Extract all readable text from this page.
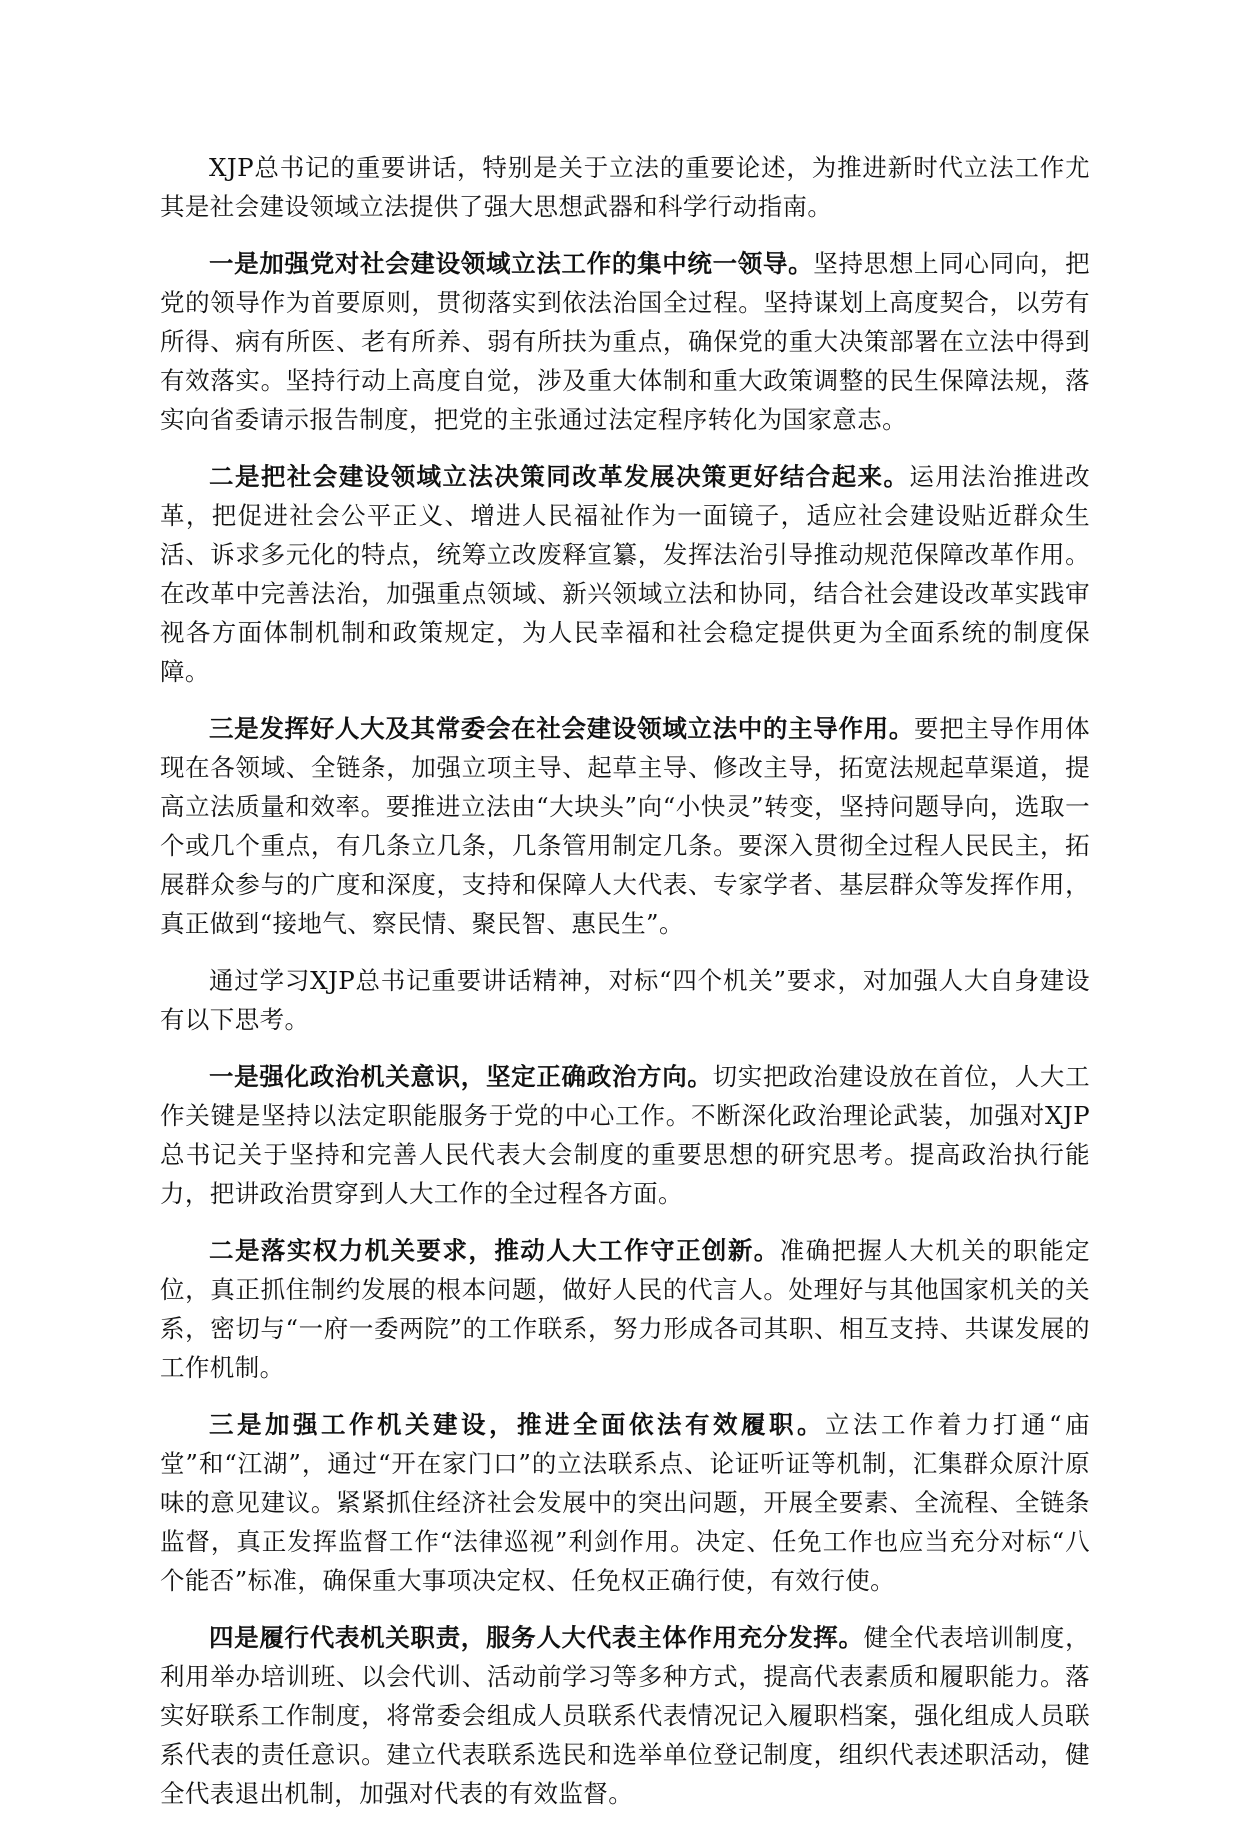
XJP总书记的重要讲话，特别是关于立法的重要论述，为推进新时代立法工作尤其是社会建设领域立法提供了强大思想武器和科学行动指南。

一是加强党对社会建设领域立法工作的集中统一领导。坚持思想上同心同向，把党的领导作为首要原则，贯彻落实到依法治国全过程。坚持谋划上高度契合，以劳有所得、病有所医、老有所养、弱有所扶为重点，确保党的重大决策部署在立法中得到有效落实。坚持行动上高度自觉，涉及重大体制和重大政策调整的民生保障法规，落实向省委请示报告制度，把党的主张通过法定程序转化为国家意志。

二是把社会建设领域立法决策同改革发展决策更好结合起来。运用法治推进改革，把促进社会公平正义、增进人民福祉作为一面镜子，适应社会建设贴近群众生活、诉求多元化的特点，统筹立改废释宣纂，发挥法治引导推动规范保障改革作用。在改革中完善法治，加强重点领域、新兴领域立法和协同，结合社会建设改革实践审视各方面体制机制和政策规定，为人民幸福和社会稳定提供更为全面系统的制度保障。

三是发挥好人大及其常委会在社会建设领域立法中的主导作用。要把主导作用体现在各领域、全链条，加强立项主导、起草主导、修改主导，拓宽法规起草渠道，提高立法质量和效率。要推进立法由“大块头”向“小快灵”转变，坚持问题导向，选取一个或几个重点，有几条立几条，几条管用制定几条。要深入贯彻全过程人民民主，拓展群众参与的广度和深度，支持和保障人大代表、专家学者、基层群众等发挥作用，真正做到“接地气、察民情、聚民智、惠民生”。

通过学习XJP总书记重要讲话精神，对标“四个机关”要求，对加强人大自身建设有以下思考。

一是强化政治机关意识，坚定正确政治方向。切实把政治建设放在首位，人大工作关键是坚持以法定职能服务于党的中心工作。不断深化政治理论武装，加强对XJP总书记关于坚持和完善人民代表大会制度的重要思想的研究思考。提高政治执行能力，把讲政治贯穿到人大工作的全过程各方面。

二是落实权力机关要求，推动人大工作守正创新。准确把握人大机关的职能定位，真正抓住制约发展的根本问题，做好人民的代言人。处理好与其他国家机关的关系，密切与“一府一委两院”的工作联系，努力形成各司其职、相互支持、共谋发展的工作机制。

三是加强工作机关建设，推进全面依法有效履职。立法工作着力打通“庙堂”和“江湖”，通过“开在家门口”的立法联系点、论证听证等机制，汇集群众原汁原味的意见建议。紧紧抓住经济社会发展中的突出问题，开展全要素、全流程、全链条监督，真正发挥监督工作“法律巡视”利剑作用。决定、任免工作也应当充分对标“八个能否”标准，确保重大事项决定权、任免权正确行使，有效行使。

四是履行代表机关职责，服务人大代表主体作用充分发挥。健全代表培训制度，利用举办培训班、以会代训、活动前学习等多种方式，提高代表素质和履职能力。落实好联系工作制度，将常委会组成人员联系代表情况记入履职档案，强化组成人员联系代表的责任意识。建立代表联系选民和选举单位登记制度，组织代表述职活动，健全代表退出机制，加强对代表的有效监督。
